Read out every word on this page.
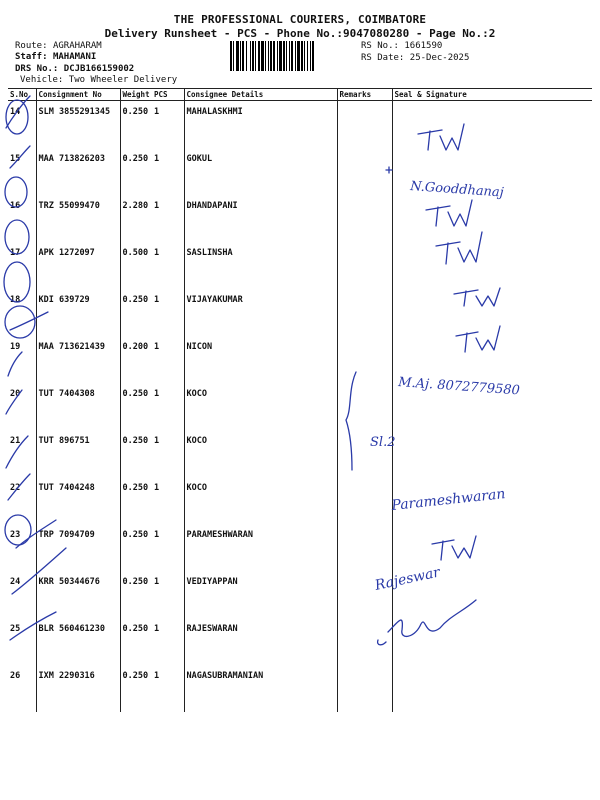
THE PROFESSIONAL COURIERS, COIMBATORE
Delivery Runsheet - PCS - Phone No.:9047080280 - Page No.:2
Route: AGRAHARAM
Staff: MAHAMANI
DRS No.: DCJB166159002
Vehicle: Two Wheeler Delivery
RS No.: 1661590
RS Date: 25-Dec-2025
S.No	Consignment No	Weight	PCS	Consignee Details	Remarks	Seal & Signature
14	SLM 3855291345	0.250	1	MAHALASKHMI		
15	MAA 713826203	0.250	1	GOKUL		
16	TRZ 55099470	2.280	1	DHANDAPANI		
17	APK 1272097	0.500	1	SASLINSHA		
18	KDI 639729	0.250	1	VIJAYAKUMAR		
19	MAA 713621439	0.200	1	NICON		
20	TUT 7404308	0.250	1	KOCO		
21	TUT 896751	0.250	1	KOCO		
22	TUT 7404248	0.250	1	KOCO		
23	TRP 7094709	0.250	1	PARAMESHWARAN		
24	KRR 50344676	0.250	1	VEDIYAPPAN		
25	BLR 560461230	0.250	1	RAJESWARAN		
26	IXM 2290316	0.250	1	NAGASUBRAMANIAN		
N.Gooddhanaj
M.Aj. 8072779580
Sl.2
Parameshwaran
Rajeswar
